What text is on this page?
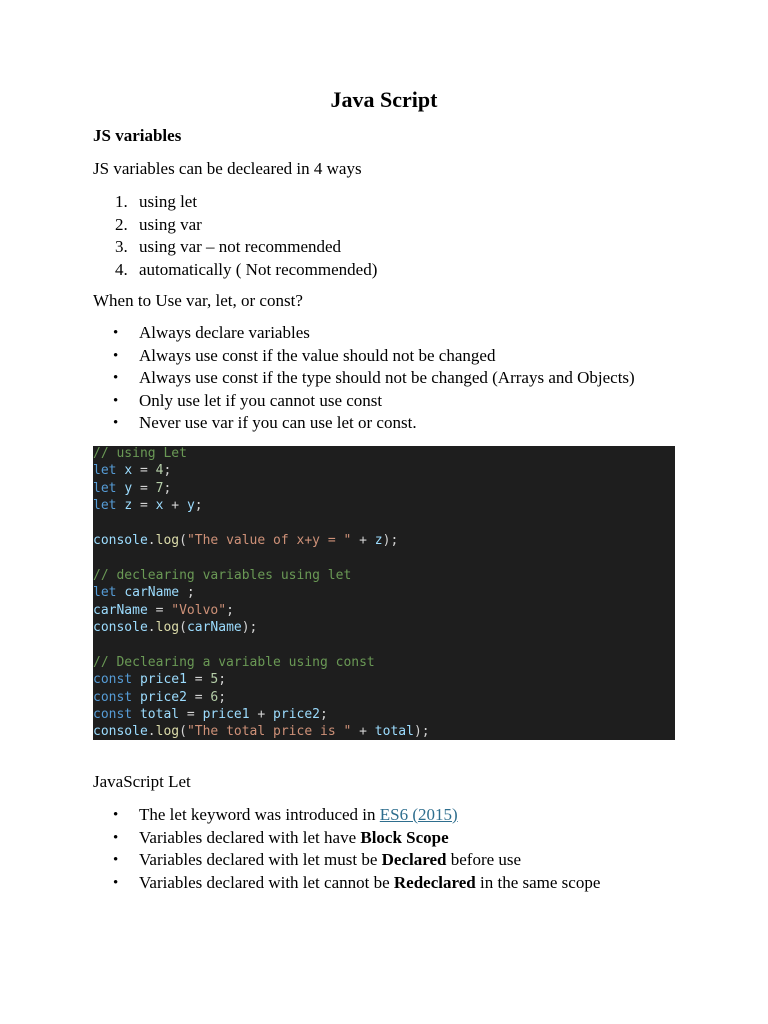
Java Script
JS variables
JS variables can be decleared in 4 ways
1. using let
2. using var
3. using var – not recommended
4. automatically ( Not recommended)
When to Use var, let, or const?
• Always declare variables
• Always use const if the value should not be changed
• Always use const if the type should not be changed (Arrays and Objects)
• Only use let if you cannot use const
• Never use var if you can use let or const.
// using Let
let x = 4;
let y = 7;
let z = x + y;
console.log("The value of x+y = " + z);
// declearing variables using let
let carName ;
carName = "Volvo";
console.log(carName);
// Declearing a variable using const
const price1 = 5;
const price2 = 6;
const total = price1 + price2;
console.log("The total price is " + total);
JavaScript Let
• The let keyword was introduced in ES6 (2015)
• Variables declared with let have Block Scope
• Variables declared with let must be Declared before use
• Variables declared with let cannot be Redeclared in the same scope
